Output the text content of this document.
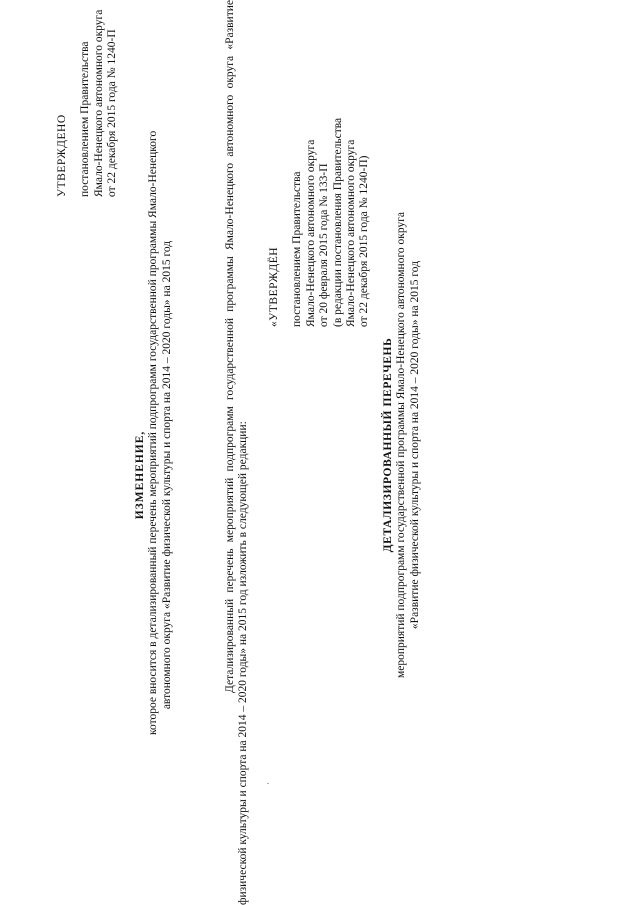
УТВЕРЖДЕНО постановлением Правительства Ямало-Ненецкого автономного округа от 22 декабря 2015 года № 1240-П
ИЗМЕНЕНИЕ, которое вносится в детализированный перечень мероприятий подпрограмм государственной программы Ямало-Ненецкого автономного округа «Развитие физической культуры и спорта на 2014 – 2020 годы» на 2015 год	Детализированный перечень мероприятий подпрограмм государственной программы Ямало-Ненецкого автономного округа «Развитие физической культуры и спорта на 2014 – 2020 годы» на 2015 год изложить в следующей редакции: ·
«УТВЕРЖДЁН постановлением Правительства Ямало-Ненецкого автономного округа от 20 февраля 2015 года № 133-П (в редакции постановления Правительства Ямало-Ненецкого автономного округа от 22 декабря 2015 года № 1240-П)
ДЕТАЛИЗИРОВАННЫЙ ПЕРЕЧЕНЬ мероприятий подпрограмм государственной программы Ямало-Ненецкого автономного округа «Развитие физической культуры и спорта на 2014 – 2020 годы» на 2015 год
